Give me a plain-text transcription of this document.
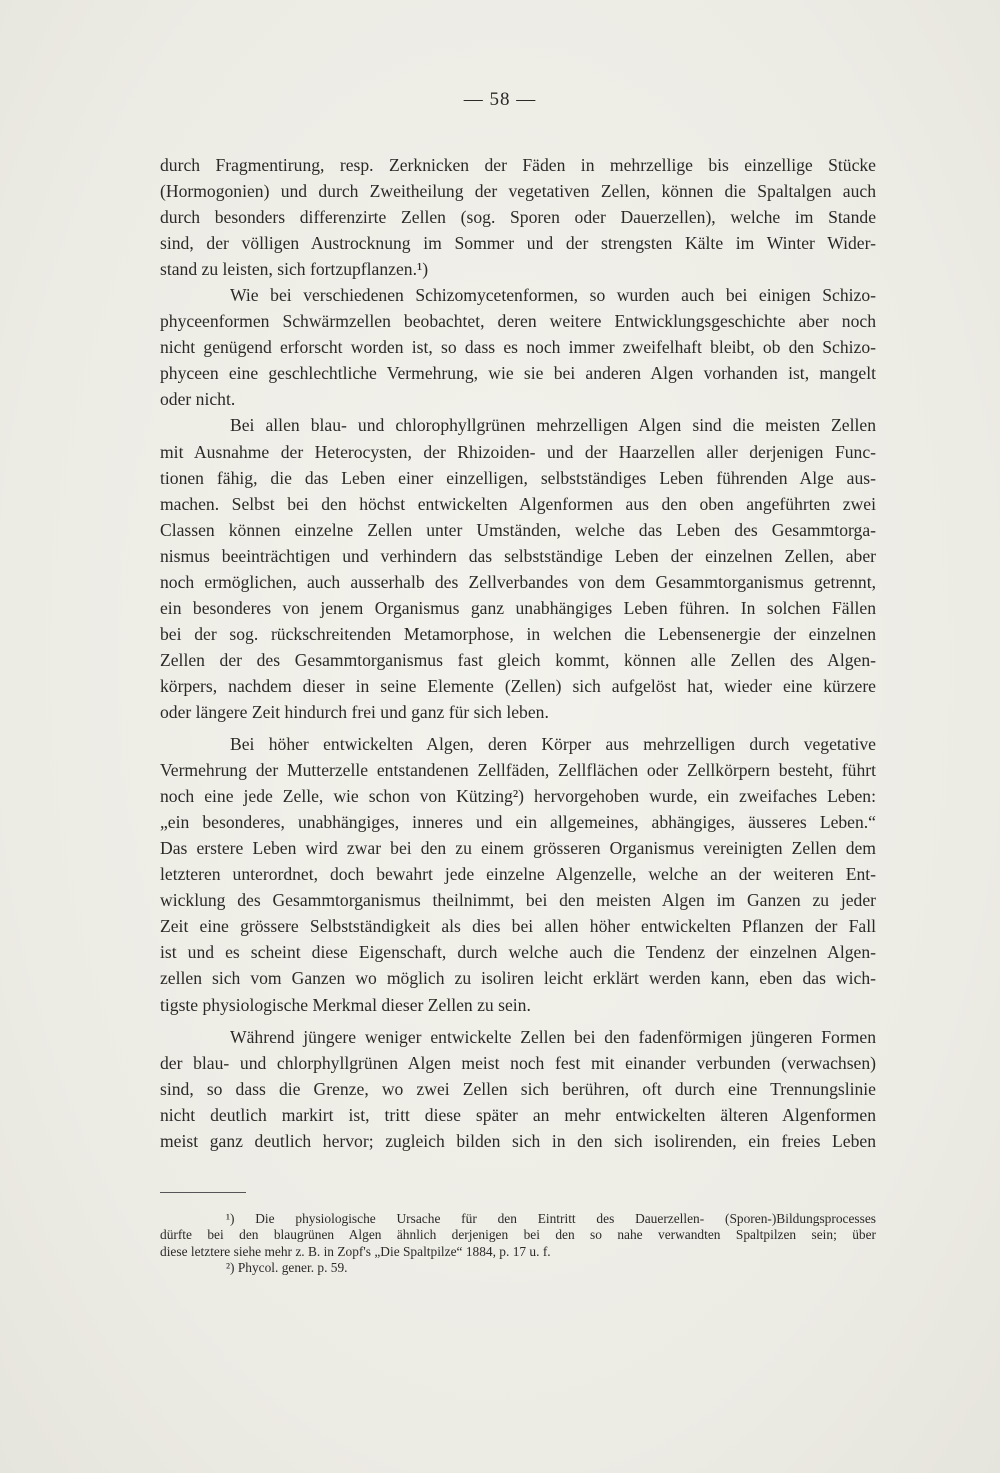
— 58 —
durch Fragmentirung, resp. Zerknicken der Fäden in mehrzellige bis einzellige Stücke
(Hormogonien) und durch Zweitheilung der vegetativen Zellen, können die Spaltalgen auch
durch besonders differenzirte Zellen (sog. Sporen oder Dauerzellen), welche im Stande
sind, der völligen Austrocknung im Sommer und der strengsten Kälte im Winter Wider-
stand zu leisten, sich fortzupflanzen.¹)
Wie bei verschiedenen Schizomycetenformen, so wurden auch bei einigen Schizo-
phyceenformen Schwärmzellen beobachtet, deren weitere Entwicklungsgeschichte aber noch
nicht genügend erforscht worden ist, so dass es noch immer zweifelhaft bleibt, ob den Schizo-
phyceen eine geschlechtliche Vermehrung, wie sie bei anderen Algen vorhanden ist, mangelt
oder nicht.
Bei allen blau- und chlorophyllgrünen mehrzelligen Algen sind die meisten Zellen
mit Ausnahme der Heterocysten, der Rhizoiden- und der Haarzellen aller derjenigen Func-
tionen fähig, die das Leben einer einzelligen, selbstständiges Leben führenden Alge aus-
machen. Selbst bei den höchst entwickelten Algenformen aus den oben angeführten zwei
Classen können einzelne Zellen unter Umständen, welche das Leben des Gesammtorga-
nismus beeinträchtigen und verhindern das selbstständige Leben der einzelnen Zellen, aber
noch ermöglichen, auch ausserhalb des Zellverbandes von dem Gesammtorganismus getrennt,
ein besonderes von jenem Organismus ganz unabhängiges Leben führen. In solchen Fällen
bei der sog. rückschreitenden Metamorphose, in welchen die Lebensenergie der einzelnen
Zellen der des Gesammtorganismus fast gleich kommt, können alle Zellen des Algen-
körpers, nachdem dieser in seine Elemente (Zellen) sich aufgelöst hat, wieder eine kürzere
oder längere Zeit hindurch frei und ganz für sich leben.
Bei höher entwickelten Algen, deren Körper aus mehrzelligen durch vegetative
Vermehrung der Mutterzelle entstandenen Zellfäden, Zellflächen oder Zellkörpern besteht, führt
noch eine jede Zelle, wie schon von Kützing²) hervorgehoben wurde, ein zweifaches Leben:
„ein besonderes, unabhängiges, inneres und ein allgemeines, abhängiges, äusseres Leben.“
Das erstere Leben wird zwar bei den zu einem grösseren Organismus vereinigten Zellen dem
letzteren unterordnet, doch bewahrt jede einzelne Algenzelle, welche an der weiteren Ent-
wicklung des Gesammtorganismus theilnimmt, bei den meisten Algen im Ganzen zu jeder
Zeit eine grössere Selbstständigkeit als dies bei allen höher entwickelten Pflanzen der Fall
ist und es scheint diese Eigenschaft, durch welche auch die Tendenz der einzelnen Algen-
zellen sich vom Ganzen wo möglich zu isoliren leicht erklärt werden kann, eben das wich-
tigste physiologische Merkmal dieser Zellen zu sein.
Während jüngere weniger entwickelte Zellen bei den fadenförmigen jüngeren Formen
der blau- und chlorphyllgrünen Algen meist noch fest mit einander verbunden (verwachsen)
sind, so dass die Grenze, wo zwei Zellen sich berühren, oft durch eine Trennungslinie
nicht deutlich markirt ist, tritt diese später an mehr entwickelten älteren Algenformen
meist ganz deutlich hervor; zugleich bilden sich in den sich isolirenden, ein freies Leben
¹) Die physiologische Ursache für den Eintritt des Dauerzellen- (Sporen-)Bildungsprocesses
dürfte bei den blaugrünen Algen ähnlich derjenigen bei den so nahe verwandten Spaltpilzen sein; über
diese letztere siehe mehr z. B. in Zopf's „Die Spaltpilze“ 1884, p. 17 u. f.
²) Phycol. gener. p. 59.
